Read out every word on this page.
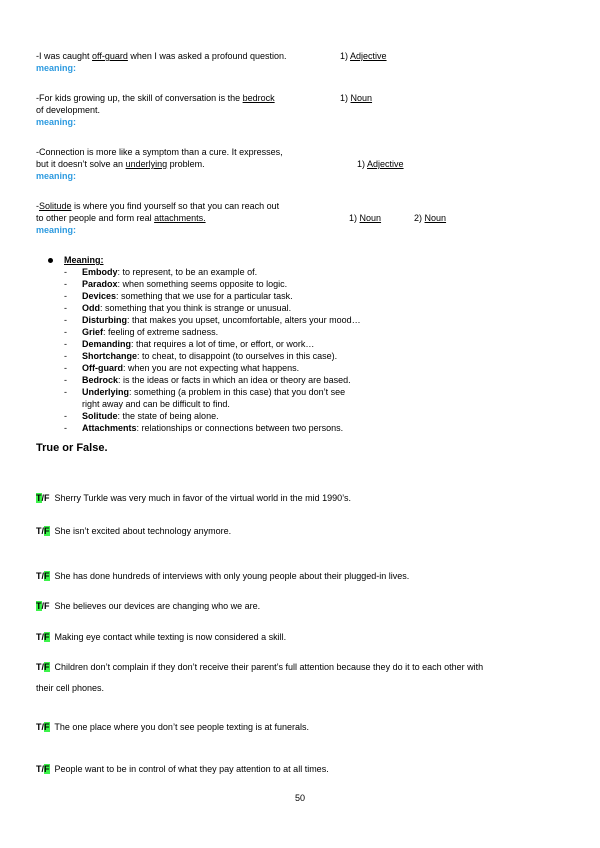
-I was caught off-guard when I was asked a profound question.	1) Adjective
meaning:
-For kids growing up, the skill of conversation is the bedrock
of development.
1) Noun
meaning:
-Connection is more like a symptom than a cure. It expresses,
but it doesn’t solve an underlying problem.	1) Adjective
meaning:
-Solitude is where you find yourself so that you can reach out
to other people and form real attachments.	1) Noun	2) Noun
meaning:
Meaning:
- Embody: to represent, to be an example of.
- Paradox: when something seems opposite to logic.
- Devices: something that we use for a particular task.
- Odd: something that you think is strange or unusual.
- Disturbing: that makes you upset, uncomfortable, alters your mood…
- Grief: feeling of extreme sadness.
- Demanding: that requires a lot of time, or effort, or work…
- Shortchange: to cheat, to disappoint (to ourselves in this case).
- Off-guard: when you are not expecting what happens.
- Bedrock: is the ideas or facts in which an idea or theory are based.
- Underlying: something (a problem in this case) that you don’t see
right away and can be difficult to find.
- Solitude: the state of being alone.
- Attachments: relationships or connections between two persons.
True or False.
T/F Sherry Turkle was very much in favor of the virtual world in the mid 1990’s.
T/F She isn’t excited about technology anymore.
T/F She has done hundreds of interviews with only young people about their plugged-in lives.
T/F She believes our devices are changing who we are.
T/F Making eye contact while texting is now considered a skill.
T/F Children don’t complain if they don’t receive their parent’s full attention because they do it to each other with
their cell phones.
T/F The one place where you don’t see people texting is at funerals.
T/F People want to be in control of what they pay attention to at all times.
50
